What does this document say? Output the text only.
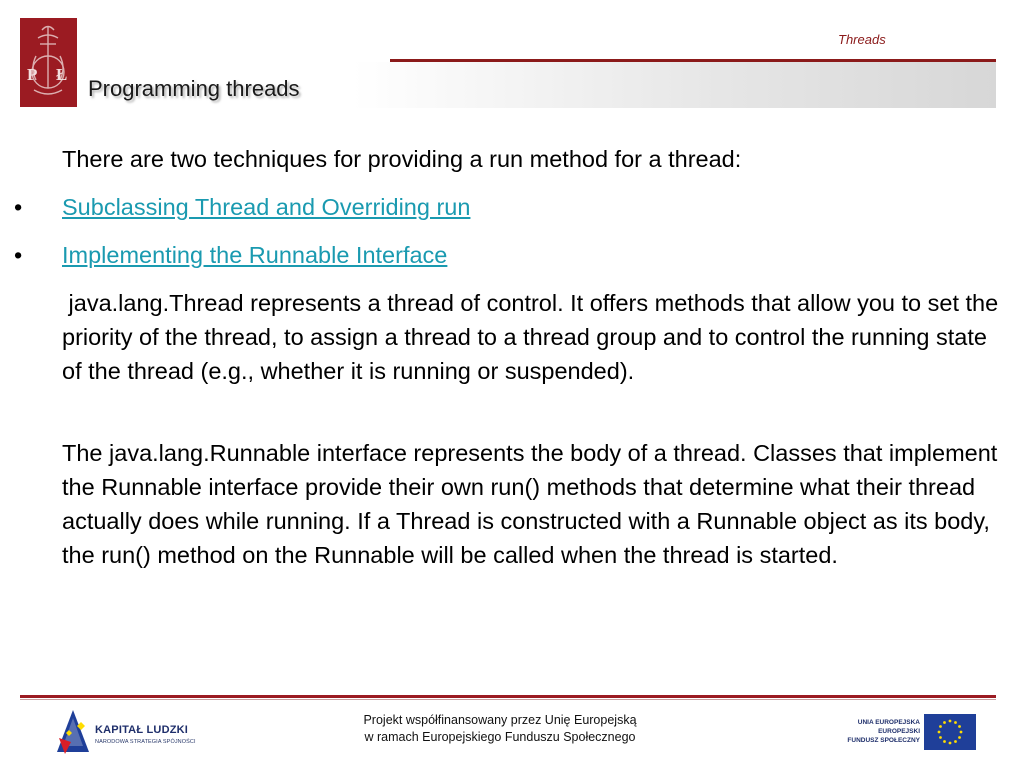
P Ł
Threads
Programming threads

There are two techniques for providing a run method for a thread:

• Subclassing Thread and Overriding run
• Implementing the Runnable Interface

java.lang.Thread represents a thread of control. It offers methods that allow you to set the priority of the thread, to assign a thread to a thread group and to control the running state of the thread (e.g., whether it is running or suspended).

The java.lang.Runnable interface represents the body of a thread. Classes that implement the Runnable interface provide their own run() methods that determine what their thread actually does while running. If a Thread is constructed with a Runnable object as its body, the run() method on the Runnable will be called when the thread is started.

KAPITAŁ LUDZKI
NARODOWA STRATEGIA SPÓJNOŚCI
Projekt współfinansowany przez Unię Europejską
w ramach Europejskiego Funduszu Społecznego
UNIA EUROPEJSKA
EUROPEJSKI
FUNDUSZ SPOŁECZNY
